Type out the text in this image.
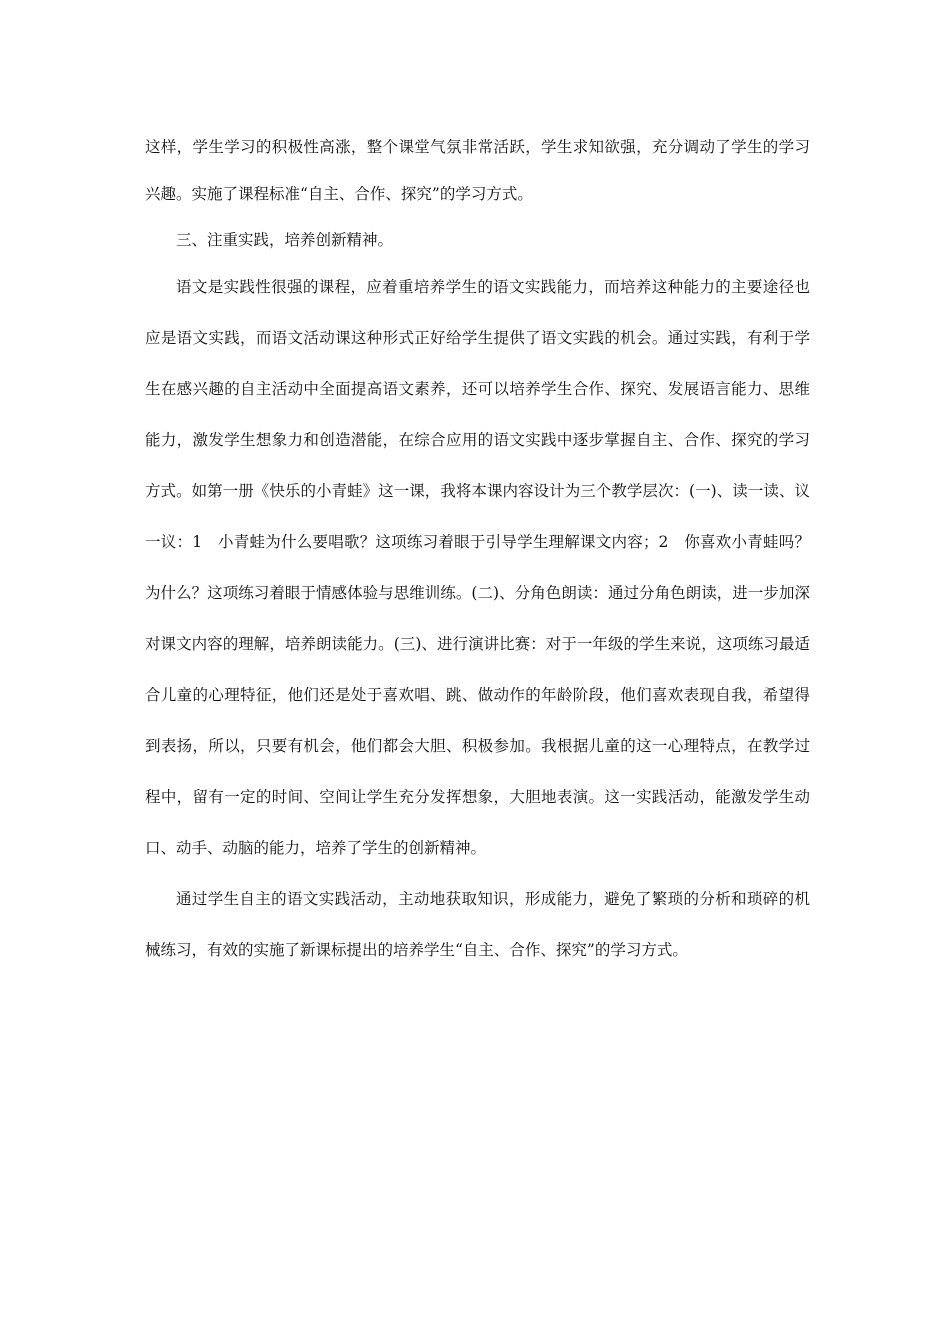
这样，学生学习的积极性高涨，整个课堂气氛非常活跃，学生求知欲强，充分调动了学生的学习兴趣。实施了课程标准“自主、合作、探究”的学习方式。

三、注重实践，培养创新精神。

语文是实践性很强的课程，应着重培养学生的语文实践能力，而培养这种能力的主要途径也应是语文实践，而语文活动课这种形式正好给学生提供了语文实践的机会。通过实践，有利于学生在感兴趣的自主活动中全面提高语文素养，还可以培养学生合作、探究、发展语言能力、思维能力，激发学生想象力和创造潜能，在综合应用的语文实践中逐步掌握自主、合作、探究的学习方式。如第一册《快乐的小青蛙》这一课，我将本课内容设计为三个教学层次：(一)、读一读、议一议：1　小青蛙为什么要唱歌？这项练习着眼于引导学生理解课文内容；2　你喜欢小青蛙吗？为什么？这项练习着眼于情感体验与思维训练。(二)、分角色朗读：通过分角色朗读，进一步加深对课文内容的理解，培养朗读能力。(三)、进行演讲比赛：对于一年级的学生来说，这项练习最适合儿童的心理特征，他们还是处于喜欢唱、跳、做动作的年龄阶段，他们喜欢表现自我，希望得到表扬，所以，只要有机会，他们都会大胆、积极参加。我根据儿童的这一心理特点，在教学过程中，留有一定的时间、空间让学生充分发挥想象，大胆地表演。这一实践活动，能激发学生动口、动手、动脑的能力，培养了学生的创新精神。

通过学生自主的语文实践活动，主动地获取知识，形成能力，避免了繁琐的分析和琐碎的机械练习，有效的实施了新课标提出的培养学生“自主、合作、探究”的学习方式。
